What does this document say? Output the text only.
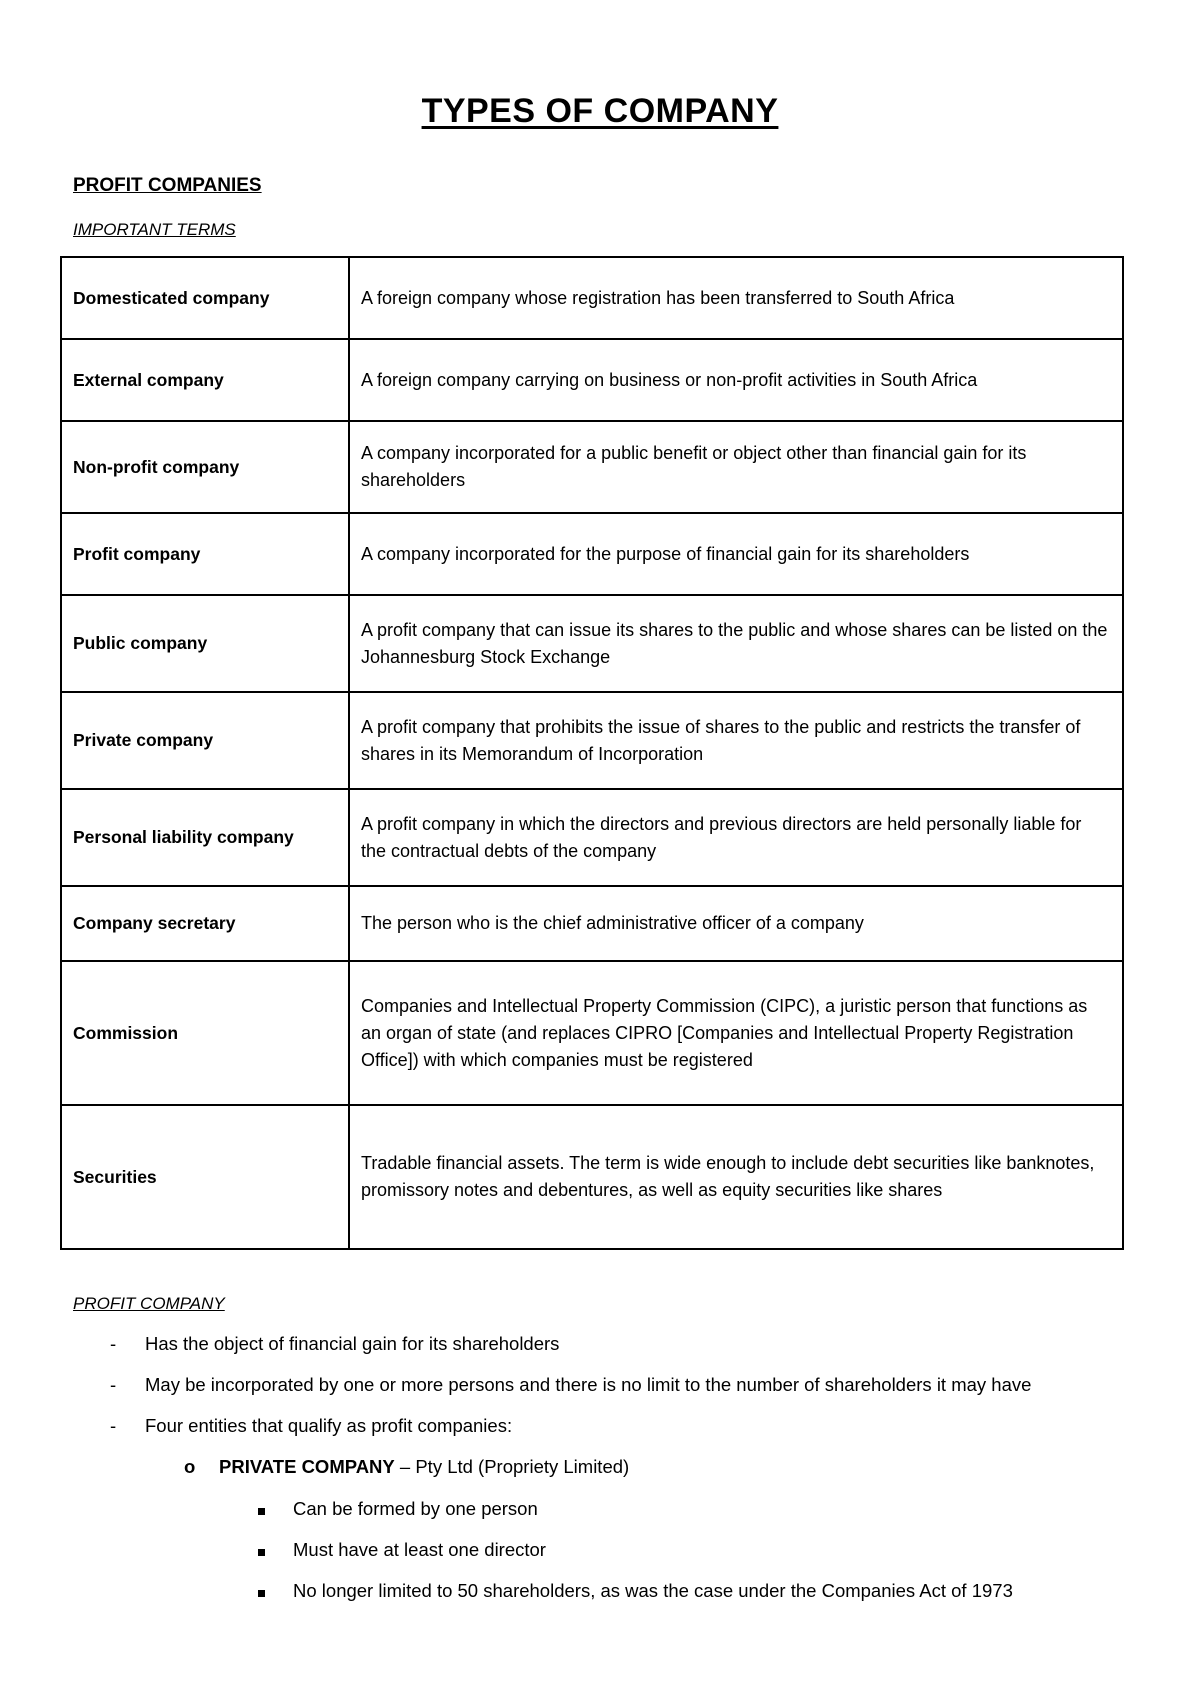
TYPES OF COMPANY
PROFIT COMPANIES
IMPORTANT TERMS
Domesticated company	A foreign company whose registration has been transferred to South Africa
External company	A foreign company carrying on business or non-profit activities in South Africa
Non-profit company	A company incorporated for a public benefit or object other than financial gain for its shareholders
Profit company	A company incorporated for the purpose of financial gain for its shareholders
Public company	A profit company that can issue its shares to the public and whose shares can be listed on the Johannesburg Stock Exchange
Private company	A profit company that prohibits the issue of shares to the public and restricts the transfer of shares in its Memorandum of Incorporation
Personal liability company	A profit company in which the directors and previous directors are held personally liable for the contractual debts of the company
Company secretary	The person who is the chief administrative officer of a company
Commission	Companies and Intellectual Property Commission (CIPC), a juristic person that functions as an organ of state (and replaces CIPRO [Companies and Intellectual Property Registration Office]) with which companies must be registered
Securities	Tradable financial assets. The term is wide enough to include debt securities like banknotes, promissory notes and debentures, as well as equity securities like shares
PROFIT COMPANY
- Has the object of financial gain for its shareholders
- May be incorporated by one or more persons and there is no limit to the number of shareholders it may have
- Four entities that qualify as profit companies:
o PRIVATE COMPANY – Pty Ltd (Propriety Limited)
Can be formed by one person
Must have at least one director
No longer limited to 50 shareholders, as was the case under the Companies Act of 1973
